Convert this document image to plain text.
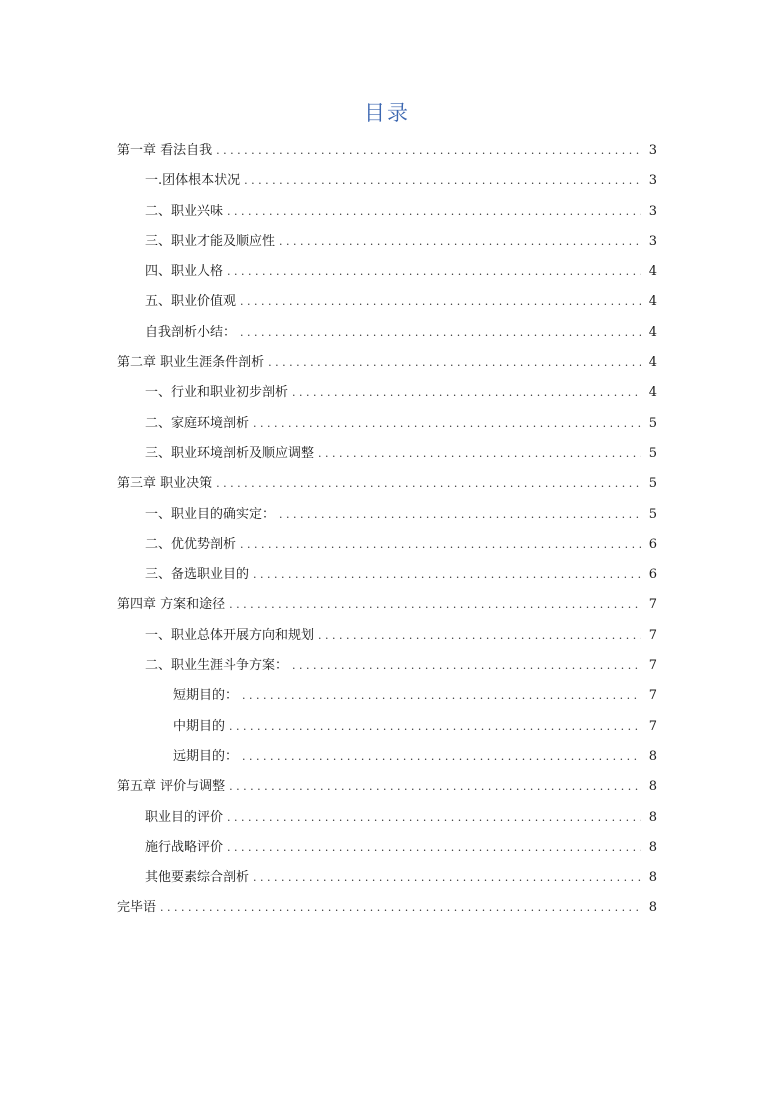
目录
第一章 看法自我 . . .	3
一.团体根本状况 . . .	3
二、职业兴味 . . .	3
三、职业才能及顺应性 . . .	3
四、职业人格 . . .	4
五、职业价值观 . . .	4
自我剖析小结： . . .	4
第二章 职业生涯条件剖析 . . .	4
一、行业和职业初步剖析 . . .	4
二、家庭环境剖析 . . .	5
三、职业环境剖析及顺应调整 . . .	5
第三章 职业决策 . . .	5
一、职业目的确实定： . . .	5
二、优优势剖析 . . .	6
三、备选职业目的 . . .	6
第四章 方案和途径 . . .	7
一、职业总体开展方向和规划 . . .	7
二、职业生涯斗争方案： . . .	7
短期目的： . . .	7
中期目的 . . .	7
远期目的： . . .	8
第五章 评价与调整 . . .	8
职业目的评价 . . .	8
施行战略评价 . . .	8
其他要素综合剖析 . . .	8
完毕语 . . .	8
